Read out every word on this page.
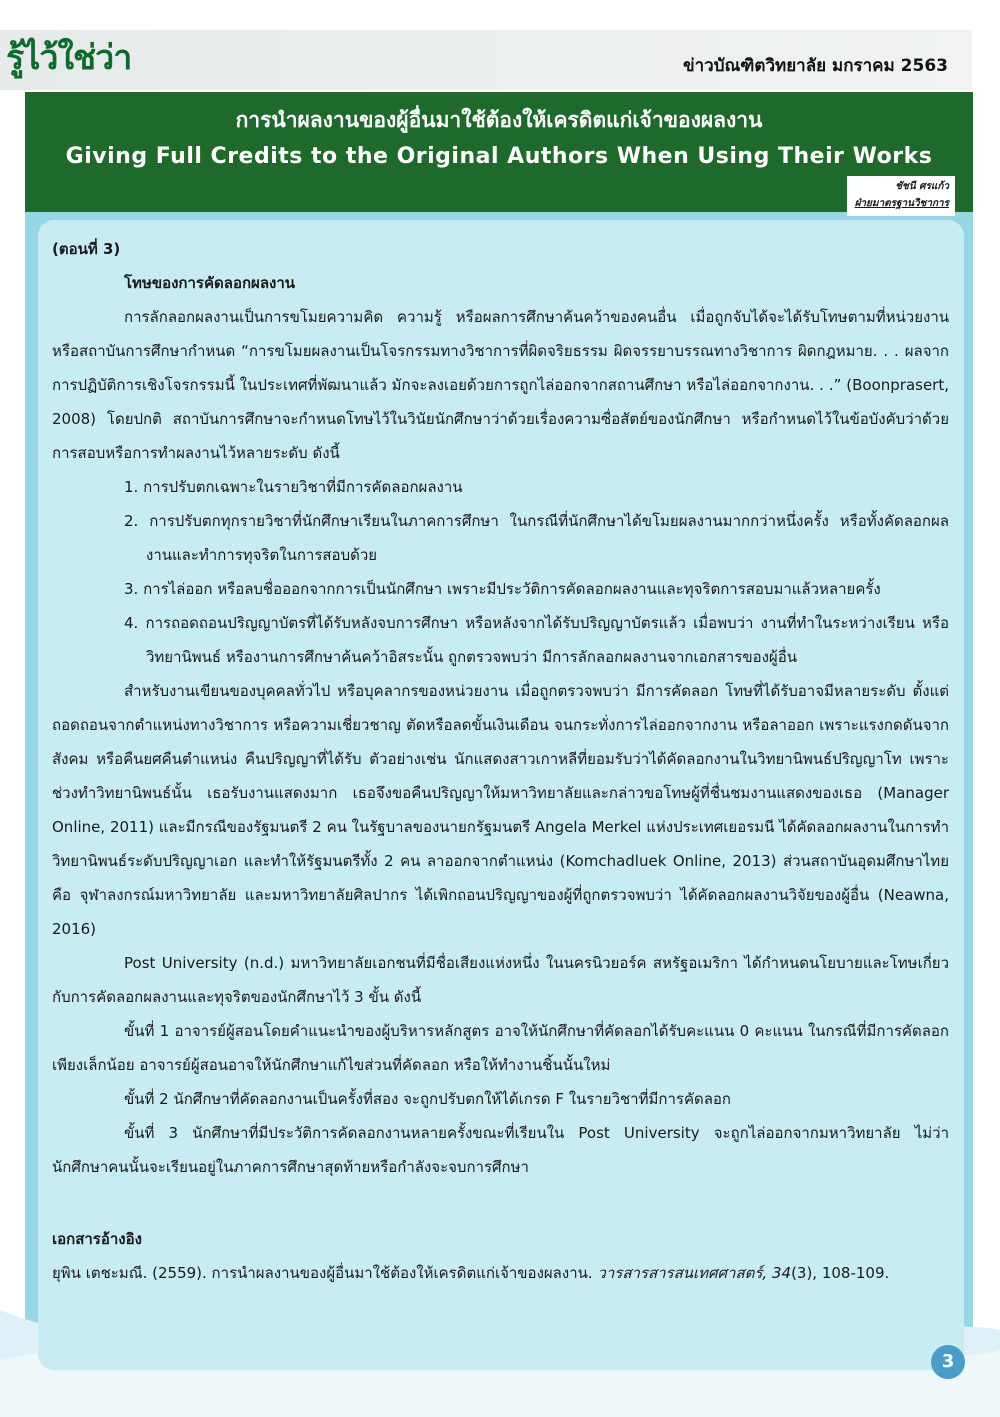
รู้ไว้ใช่ว่า	ข่าวบัณฑิตวิทยาลัย มกราคม 2563
การนำผลงานของผู้อื่นมาใช้ต้องให้เครดิตแก่เจ้าของผลงาน
Giving Full Credits to the Original Authors When Using Their Works
ชัชนี ศรแก้ว
ฝ่ายมาตรฐานวิชาการ

(ตอนที่ 3)

โทษของการคัดลอกผลงาน

การลักลอกผลงานเป็นการขโมยความคิด ความรู้ หรือผลการศึกษาค้นคว้าของคนอื่น เมื่อถูกจับได้จะได้รับโทษตามที่หน่วยงาน หรือสถาบันการศึกษากำหนด “การขโมยผลงานเป็นโจรกรรมทางวิชาการที่ผิดจริยธรรม ผิดจรรยาบรรณทางวิชาการ ผิดกฎหมาย. . . ผลจากการปฏิบัติการเชิงโจรกรรมนี้ ในประเทศที่พัฒนาแล้ว มักจะลงเอยด้วยการถูกไล่ออกจากสถานศึกษา หรือไล่ออกจากงาน. . .” (Boonprasert, 2008) โดยปกติ สถาบันการศึกษาจะกำหนดโทษไว้ในวินัยนักศึกษาว่าด้วยเรื่องความซื่อสัตย์ของนักศึกษา หรือกำหนดไว้ในข้อบังคับว่าด้วยการสอบหรือการทำผลงานไว้หลายระดับ ดังนี้

1. การปรับตกเฉพาะในรายวิชาที่มีการคัดลอกผลงาน

2. การปรับตกทุกรายวิชาที่นักศึกษาเรียนในภาคการศึกษา ในกรณีที่นักศึกษาได้ขโมยผลงานมากกว่าหนึ่งครั้ง หรือทั้งคัดลอกผลงานและทำการทุจริตในการสอบด้วย

3. การไล่ออก หรือลบชื่อออกจากการเป็นนักศึกษา เพราะมีประวัติการคัดลอกผลงานและทุจริตการสอบมาแล้วหลายครั้ง

4. การถอดถอนปริญญาบัตรที่ได้รับหลังจบการศึกษา หรือหลังจากได้รับปริญญาบัตรแล้ว เมื่อพบว่า งานที่ทำในระหว่างเรียน หรือวิทยานิพนธ์ หรืองานการศึกษาค้นคว้าอิสระนั้น ถูกตรวจพบว่า มีการลักลอกผลงานจากเอกสารของผู้อื่น

สำหรับงานเขียนของบุคคลทั่วไป หรือบุคลากรของหน่วยงาน เมื่อถูกตรวจพบว่า มีการคัดลอก โทษที่ได้รับอาจมีหลายระดับ ตั้งแต่ถอดถอนจากตำแหน่งทางวิชาการ หรือความเชี่ยวชาญ ตัดหรือลดขั้นเงินเดือน จนกระทั่งการไล่ออกจากงาน หรือลาออก เพราะแรงกดดันจากสังคม หรือคืนยศคืนตำแหน่ง คืนปริญญาที่ได้รับ ตัวอย่างเช่น นักแสดงสาวเกาหลีที่ยอมรับว่าได้คัดลอกงานในวิทยานิพนธ์ปริญญาโท เพราะช่วงทำวิทยานิพนธ์นั้น เธอรับงานแสดงมาก เธอจึงขอคืนปริญญาให้มหาวิทยาลัยและกล่าวขอโทษผู้ที่ชื่นชมงานแสดงของเธอ (Manager Online, 2011) และมีกรณีของรัฐมนตรี 2 คน ในรัฐบาลของนายกรัฐมนตรี Angela Merkel แห่งประเทศเยอรมนี ได้คัดลอกผลงานในการทำวิทยานิพนธ์ระดับปริญญาเอก และทำให้รัฐมนตรีทั้ง 2 คน ลาออกจากตำแหน่ง (Komchadluek Online, 2013) ส่วนสถาบันอุดมศึกษาไทย คือ จุฬาลงกรณ์มหาวิทยาลัย และมหาวิทยาลัยศิลปากร ได้เพิกถอนปริญญาของผู้ที่ถูกตรวจพบว่า ได้คัดลอกผลงานวิจัยของผู้อื่น (Neawna, 2016)

Post University (n.d.) มหาวิทยาลัยเอกชนที่มีชื่อเสียงแห่งหนึ่ง ในนครนิวยอร์ค สหรัฐอเมริกา ได้กำหนดนโยบายและโทษเกี่ยวกับการคัดลอกผลงานและทุจริตของนักศึกษาไว้ 3 ขั้น ดังนี้

ขั้นที่ 1 อาจารย์ผู้สอนโดยคำแนะนำของผู้บริหารหลักสูตร อาจให้นักศึกษาที่คัดลอกได้รับคะแนน 0 คะแนน ในกรณีที่มีการคัดลอกเพียงเล็กน้อย อาจารย์ผู้สอนอาจให้นักศึกษาแก้ไขส่วนที่คัดลอก หรือให้ทำงานชิ้นนั้นใหม่

ขั้นที่ 2 นักศึกษาที่คัดลอกงานเป็นครั้งที่สอง จะถูกปรับตกให้ได้เกรด F ในรายวิชาที่มีการคัดลอก

ขั้นที่ 3 นักศึกษาที่มีประวัติการคัดลอกงานหลายครั้งขณะที่เรียนใน Post University จะถูกไล่ออกจากมหาวิทยาลัย ไม่ว่านักศึกษาคนนั้นจะเรียนอยู่ในภาคการศึกษาสุดท้ายหรือกำลังจะจบการศึกษา

เอกสารอ้างอิง

ยุพิน เตชะมณี. (2559). การนำผลงานของผู้อื่นมาใช้ต้องให้เครดิตแก่เจ้าของผลงาน. วารสารสารสนเทศศาสตร์, 34(3), 108-109.

3
